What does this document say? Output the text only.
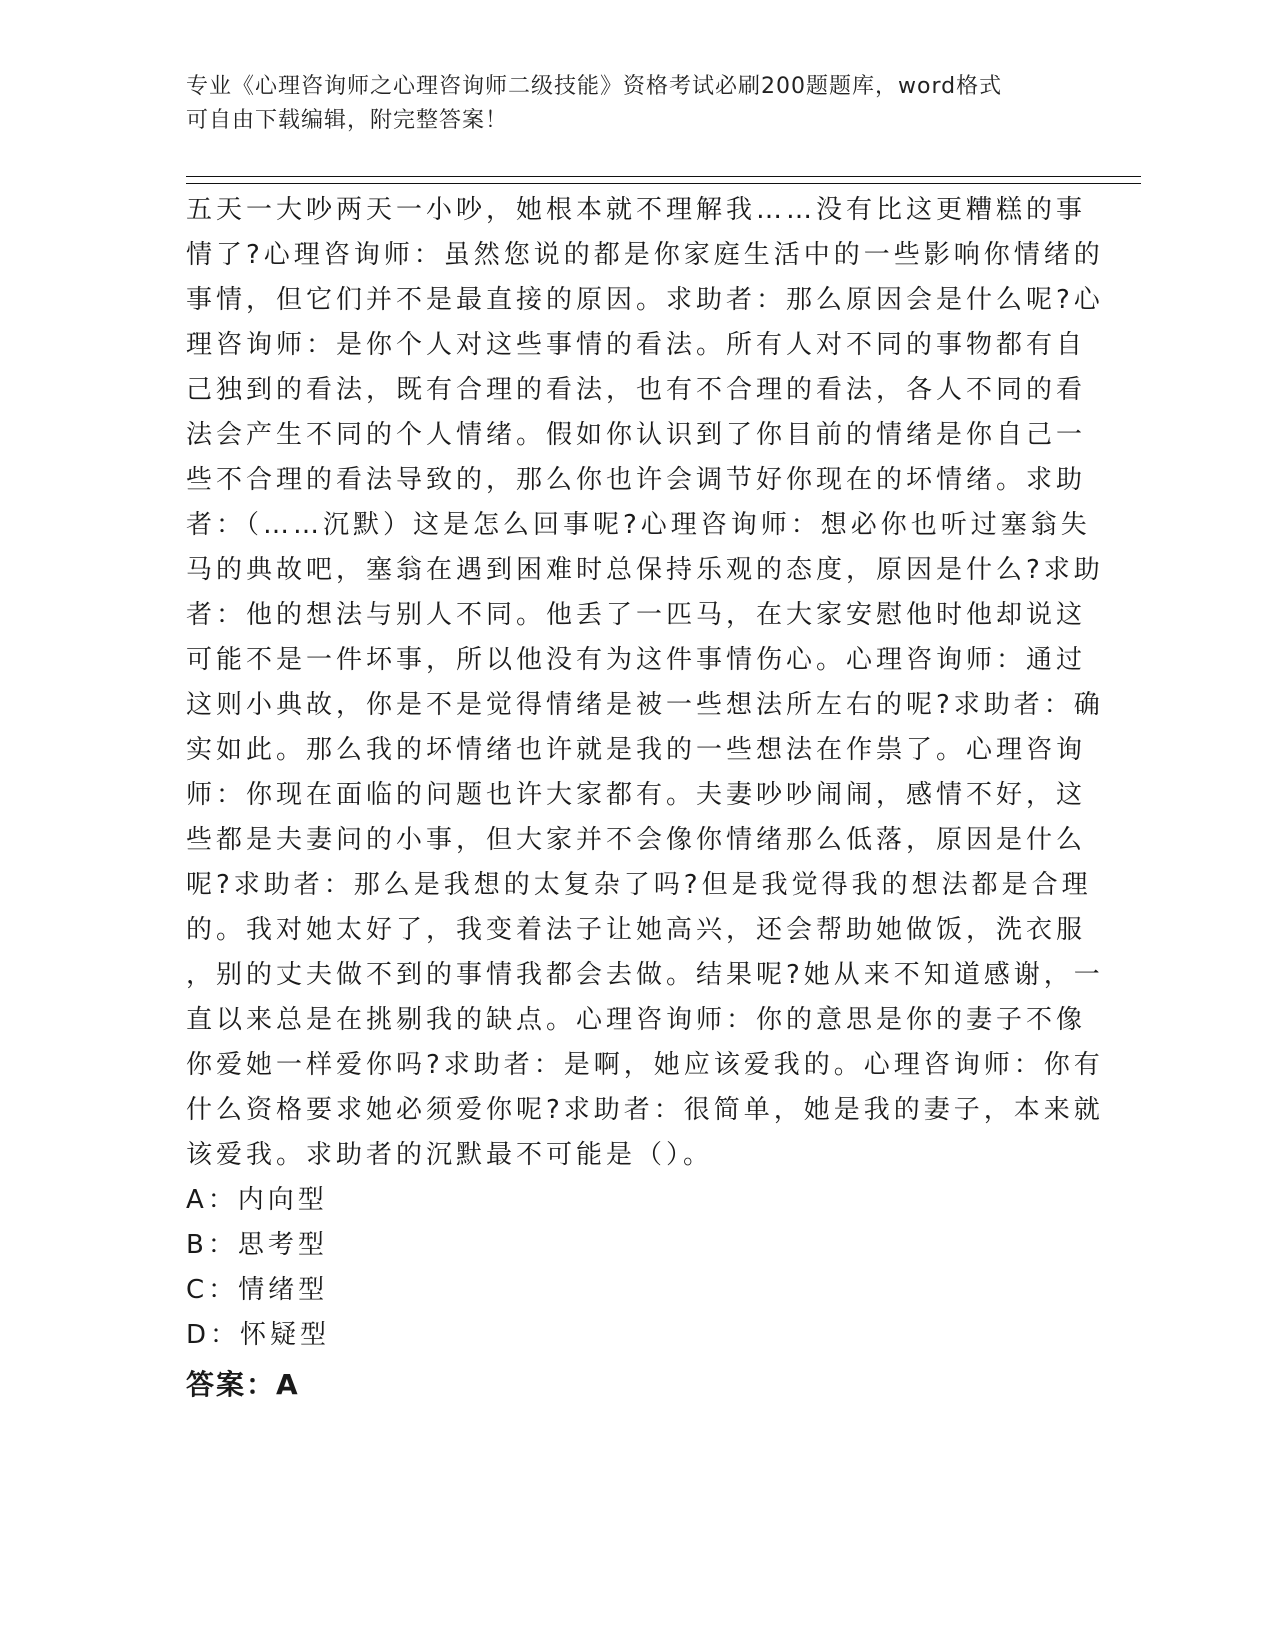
专业《心理咨询师之心理咨询师二级技能》资格考试必刷200题题库，word格式
可自由下载编辑，附完整答案！
五天一大吵两天一小吵，她根本就不理解我……没有比这更糟糕的事
情了?心理咨询师：虽然您说的都是你家庭生活中的一些影响你情绪的
事情，但它们并不是最直接的原因。求助者：那么原因会是什么呢?心
理咨询师：是你个人对这些事情的看法。所有人对不同的事物都有自
己独到的看法，既有合理的看法，也有不合理的看法，各人不同的看
法会产生不同的个人情绪。假如你认识到了你目前的情绪是你自己一
些不合理的看法导致的，那么你也许会调节好你现在的坏情绪。求助
者：（……沉默）这是怎么回事呢?心理咨询师：想必你也听过塞翁失
马的典故吧，塞翁在遇到困难时总保持乐观的态度，原因是什么?求助
者：他的想法与别人不同。他丢了一匹马，在大家安慰他时他却说这
可能不是一件坏事，所以他没有为这件事情伤心。心理咨询师：通过
这则小典故，你是不是觉得情绪是被一些想法所左右的呢?求助者：确
实如此。那么我的坏情绪也许就是我的一些想法在作祟了。心理咨询
师：你现在面临的问题也许大家都有。夫妻吵吵闹闹，感情不好，这
些都是夫妻问的小事，但大家并不会像你情绪那么低落，原因是什么
呢?求助者：那么是我想的太复杂了吗?但是我觉得我的想法都是合理
的。我对她太好了，我变着法子让她高兴，还会帮助她做饭，洗衣服
，别的丈夫做不到的事情我都会去做。结果呢?她从来不知道感谢，一
直以来总是在挑剔我的缺点。心理咨询师：你的意思是你的妻子不像
你爱她一样爱你吗?求助者：是啊，她应该爱我的。心理咨询师：你有
什么资格要求她必须爱你呢?求助者：很简单，她是我的妻子，本来就
该爱我。求助者的沉默最不可能是（）。
A：内向型
B：思考型
C：情绪型
D：怀疑型
答案：A
